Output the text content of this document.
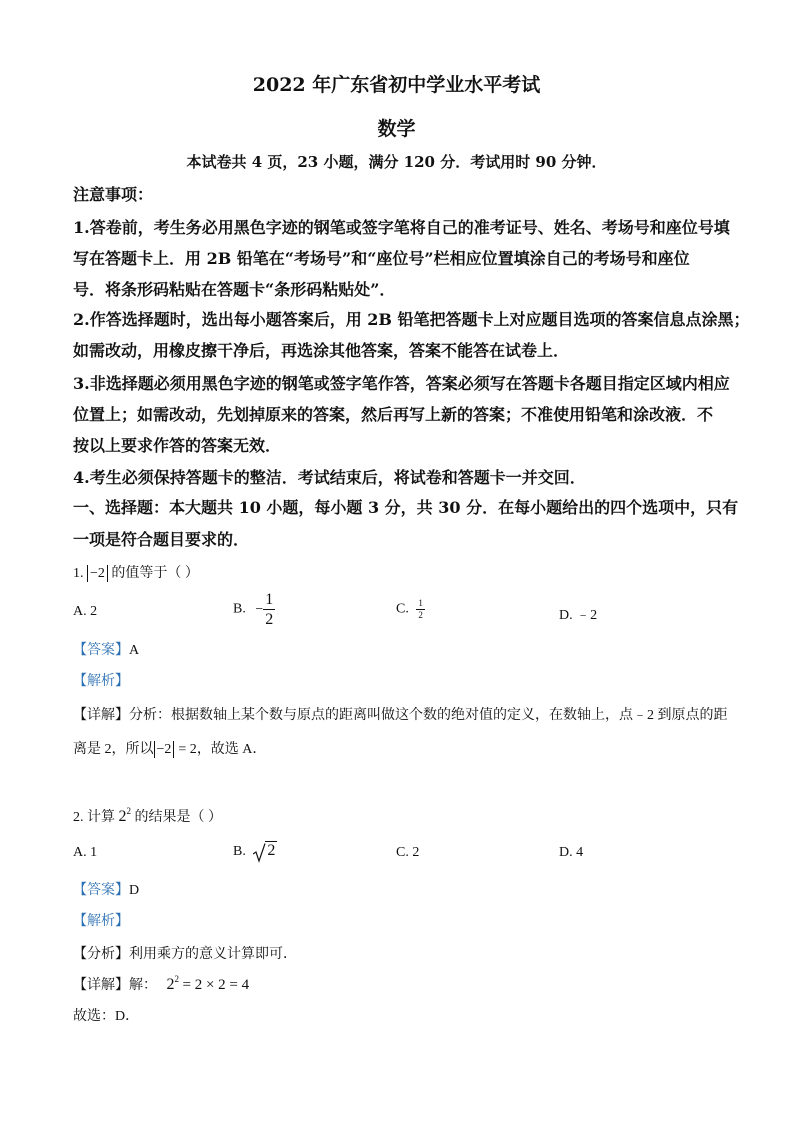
2022 年广东省初中学业水平考试
数学
本试卷共 4 页，23 小题，满分 120 分．考试用时 90 分钟．
注意事项：
1.答卷前，考生务必用黑色字迹的钢笔或签字笔将自己的准考证号、姓名、考场号和座位号填
写在答题卡上．用 2B 铅笔在“考场号”和“座位号”栏相应位置填涂自己的考场号和座位
号．将条形码粘贴在答题卡“条形码粘贴处”．
2.作答选择题时，选出每小题答案后，用 2B 铅笔把答题卡上对应题目选项的答案信息点涂黑；
如需改动，用橡皮擦干净后，再选涂其他答案，答案不能答在试卷上．
3.非选择题必须用黑色字迹的钢笔或签字笔作答，答案必须写在答题卡各题目指定区域内相应
位置上；如需改动，先划掉原来的答案，然后再写上新的答案；不准使用铅笔和涂改液．不
按以上要求作答的答案无效．
4.考生必须保持答题卡的整洁．考试结束后，将试卷和答题卡一并交回．
一、选择题：本大题共 10 小题，每小题 3 分，共 30 分．在每小题给出的四个选项中，只有
一项是符合题目要求的．
1. −2 的值等于（ ）
A. 2	B. − $\frac{1}{2}$	C. $\frac{1}{2}$	D. ﹣2
【答案】A
【解析】
【详解】分析：根据数轴上某个数与原点的距离叫做这个数的绝对值的定义，在数轴上，点﹣2 到原点的距
离是 2，所以 −2 = 2，故选 A．
2. 计算 $2^2$ 的结果是（ ）
A. 1	B. 2	C. 2	D. 4
【答案】D
【解析】
【分析】利用乘方的意义计算即可．
【详解】解： $2^2 = 2 \times 2 = 4$
故选：D．
